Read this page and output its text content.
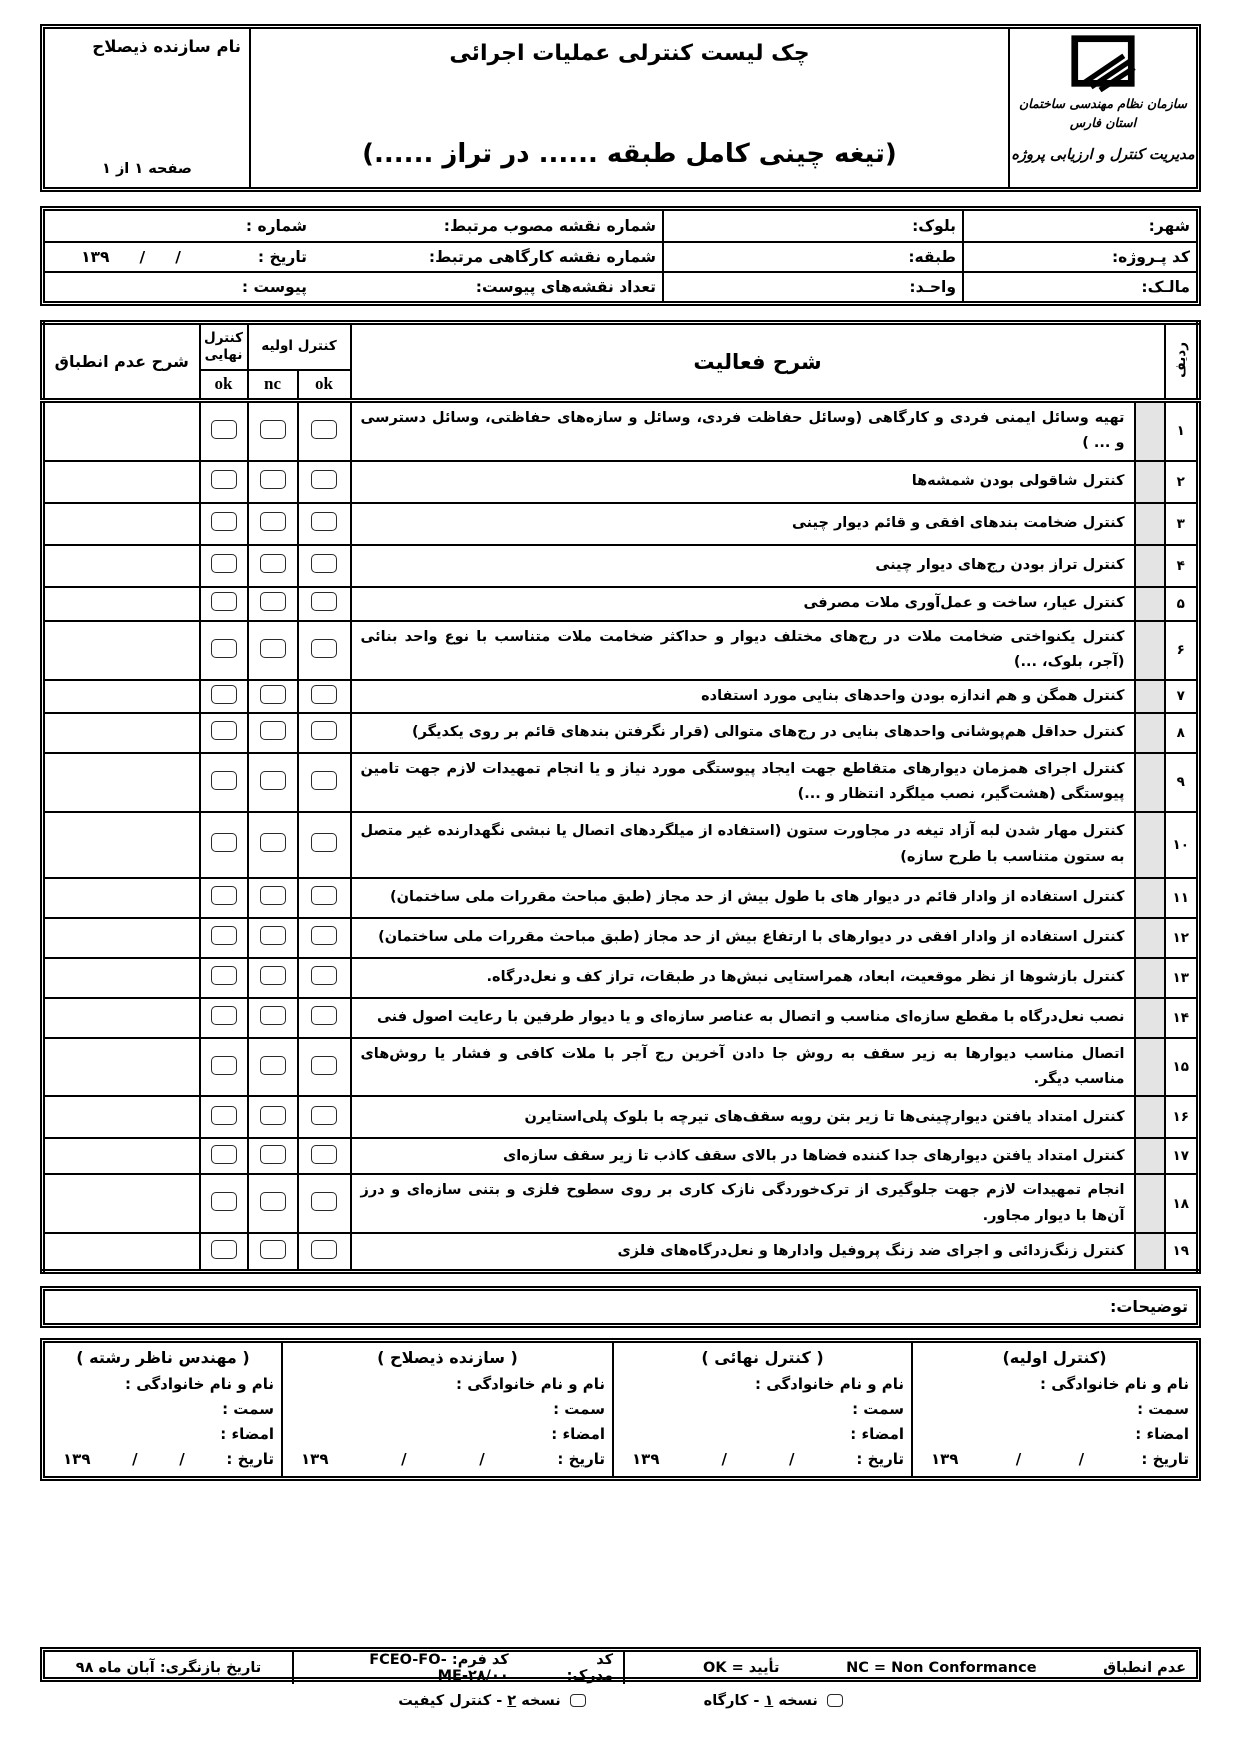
سازمان نظام مهندسی ساختمان
استان فارس
مدیریت کنترل و ارزیابی پروژه
چک لیست کنترلی عملیات اجرائی
(تیغه چینی کامل طبقه ...... در تراز ......)
نام سازنده ذیصلاح
صفحه ۱ از ۱
شهر:
بلوک:
شماره نقشه مصوب مرتبط:
شماره :
کد پـروژه:
طبقه:
شماره نقشه کارگاهی مرتبط:
تاریخ :
/
/
۱۳۹
مالـک:
واحـد:
تعداد نقشه‌های پیوست:
پیوست :
ردیف	شرح فعالیت		کنترل اولیه		کنترل نهایی	شرح عدم انطباق
			ok	nc	ok	
۱		تهیه وسائل ایمنی فردی و کارگاهی (وسائل حفاظت فردی، وسائل و سازه‌های حفاظتی، وسائل دسترسی و ... )				
۲		کنترل شاقولی بودن شمشه‌ها				
۳		کنترل ضخامت بندهای افقی و قائم دیوار چینی				
۴		کنترل تراز بودن رج‌های دیوار چینی				
۵		کنترل عیار، ساخت و عمل‌آوری ملات مصرفی				
۶		کنترل یکنواختی ضخامت ملات در رج‌های مختلف دیوار و حداکثر ضخامت ملات متناسب با نوع واحد بنائی (آجر، بلوک، ...)				
۷		کنترل همگن و هم اندازه بودن واحدهای بنایی مورد استفاده				
۸		کنترل حداقل هم‌پوشانی واحدهای بنایی در رج‌های متوالی (قرار نگرفتن بندهای قائم بر روی یکدیگر)				
۹		کنترل اجرای همزمان دیوارهای متقاطع جهت ایجاد پیوستگی مورد نیاز و یا انجام تمهیدات لازم جهت تامین پیوستگی (هشت‌گیر، نصب میلگرد انتظار و ...)				
۱۰		کنترل مهار شدن لبه آزاد تیغه در مجاورت ستون (استفاده از میلگردهای اتصال یا نبشی نگهدارنده غیر متصل به ستون متناسب با طرح سازه)				
۱۱		کنترل استفاده از وادار قائم در دیوار های با طول بیش از حد مجاز (طبق مباحث مقررات ملی ساختمان)				
۱۲		کنترل استفاده از وادار افقی در دیوارهای با ارتفاع بیش از حد مجاز (طبق مباحث مقررات ملی ساختمان)				
۱۳		کنترل بازشوها از نظر موقعیت، ابعاد، همراستایی نبش‌ها در طبقات، تراز کف و نعل‌درگاه.				
۱۴		نصب نعل‌درگاه با مقطع سازه‌ای مناسب و اتصال به عناصر سازه‌ای و یا دیوار طرفین با رعایت اصول فنی				
۱۵		اتصال مناسب دیوارها به زیر سقف به روش جا دادن آخرین رج آجر با ملات کافی و فشار یا روش‌های مناسب دیگر.				
۱۶		کنترل امتداد یافتن دیوارچینی‌ها تا زیر بتن رویه سقف‌های تیرچه با بلوک پلی‌استایرن				
۱۷		کنترل امتداد یافتن دیوارهای جدا کننده فضاها در بالای سقف کاذب تا زیر سقف سازه‌ای				
۱۸		انجام تمهیدات لازم جهت جلوگیری از ترک‌خوردگی نازک کاری بر روی سطوح فلزی و بتنی سازه‌ای و درز آن‌ها با دیوار مجاور.				
۱۹		کنترل زنگ‌زدائی و اجرای ضد زنگ پروفیل وادارها و نعل‌درگاه‌های فلزی				
توضیحات:
(کنترل اولیه)
نام و نام خانوادگی :
سمت :
امضاء :
تاریخ :
/
/
۱۳۹
( کنترل نهائی )
نام و نام خانوادگی :
سمت :
امضاء :
تاریخ :
/
/
۱۳۹
( سازنده ذیصلاح )
نام و نام خانوادگی :
سمت :
امضاء :
تاریخ :
/
/
۱۳۹
( مهندس ناظر رشته )
نام و نام خانوادگی :
سمت :
امضاء :
تاریخ :
/
/
۱۳۹
عدم انطباق
NC = Non Conformance
تأیید = OK
کد مدرک:
کد فرم: FCEO-FO-ME-۲۸/۰۰
تاریخ بازنگری: آبان ماه ۹۸
نسخه ۱ - کارگاه
نسخه ۲ - کنترل کیفیت
